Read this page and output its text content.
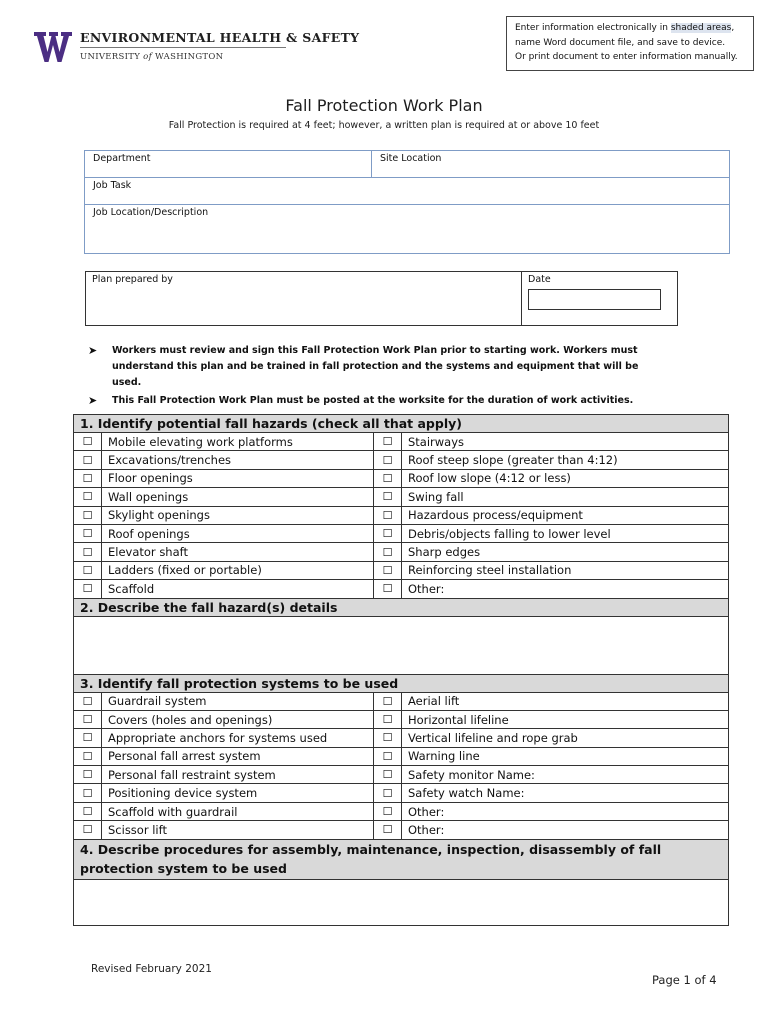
ENVIRONMENTAL HEALTH & SAFETY
UNIVERSITY of WASHINGTON
Enter information electronically in shaded areas,
name Word document file, and save to device.
Or print document to enter information manually.
Fall Protection Work Plan
Fall Protection is required at 4 feet; however, a written plan is required at or above 10 feet
Department	Site Location
Job Task
Job Location/Description
Plan prepared by	Date
➤	Workers must review and sign this Fall Protection Work Plan prior to starting work. Workers must understand this plan and be trained in fall protection and the systems and equipment that will be used.
➤	This Fall Protection Work Plan must be posted at the worksite for the duration of work activities.
1. Identify potential fall hazards (check all that apply)
☐	Mobile elevating work platforms	☐	Stairways
☐	Excavations/trenches	☐	Roof steep slope (greater than 4:12)
☐	Floor openings	☐	Roof low slope (4:12 or less)
☐	Wall openings	☐	Swing fall
☐	Skylight openings	☐	Hazardous process/equipment
☐	Roof openings	☐	Debris/objects falling to lower level
☐	Elevator shaft	☐	Sharp edges
☐	Ladders (fixed or portable)	☐	Reinforcing steel installation
☐	Scaffold	☐	Other:
2. Describe the fall hazard(s) details
3. Identify fall protection systems to be used
☐	Guardrail system	☐	Aerial lift
☐	Covers (holes and openings)	☐	Horizontal lifeline
☐	Appropriate anchors for systems used	☐	Vertical lifeline and rope grab
☐	Personal fall arrest system	☐	Warning line
☐	Personal fall restraint system	☐	Safety monitor Name:
☐	Positioning device system	☐	Safety watch Name:
☐	Scaffold with guardrail	☐	Other:
☐	Scissor lift	☐	Other:
4. Describe procedures for assembly, maintenance, inspection, disassembly of fall protection system to be used
Revised February 2021
Page 1 of 4
